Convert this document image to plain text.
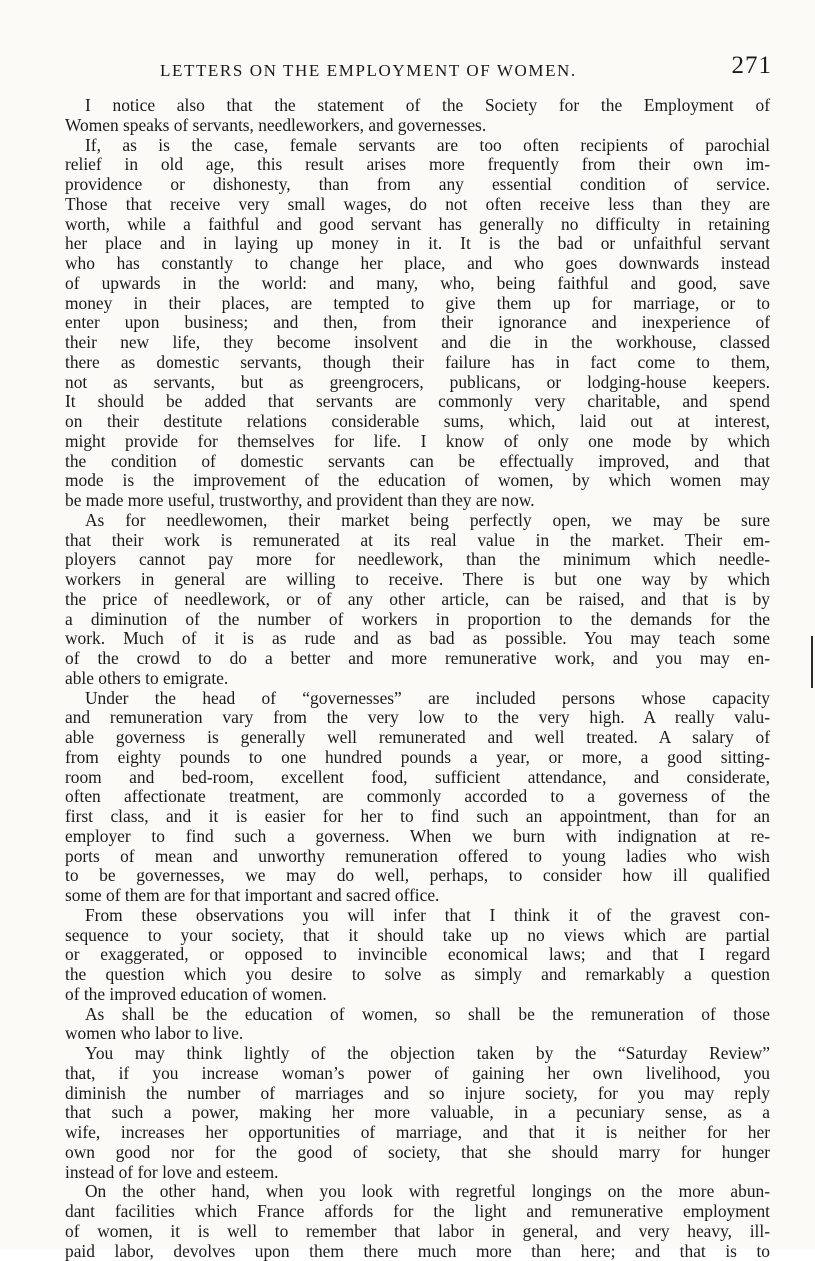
LETTERS ON THE EMPLOYMENT OF WOMEN.	271
I notice also that the statement of the Society for the Employment of
Women speaks of servants, needleworkers, and governesses.
If, as is the case, female servants are too often recipients of parochial
relief in old age, this result arises more frequently from their own im-
providence or dishonesty, than from any essential condition of service.
Those that receive very small wages, do not often receive less than they are
worth, while a faithful and good servant has generally no difficulty in retaining
her place and in laying up money in it. It is the bad or unfaithful servant
who has constantly to change her place, and who goes downwards instead
of upwards in the world: and many, who, being faithful and good, save
money in their places, are tempted to give them up for marriage, or to
enter upon business; and then, from their ignorance and inexperience of
their new life, they become insolvent and die in the workhouse, classed
there as domestic servants, though their failure has in fact come to them,
not as servants, but as greengrocers, publicans, or lodging-house keepers.
It should be added that servants are commonly very charitable, and spend
on their destitute relations considerable sums, which, laid out at interest,
might provide for themselves for life. I know of only one mode by which
the condition of domestic servants can be effectually improved, and that
mode is the improvement of the education of women, by which women may
be made more useful, trustworthy, and provident than they are now.
As for needlewomen, their market being perfectly open, we may be sure
that their work is remunerated at its real value in the market. Their em-
ployers cannot pay more for needlework, than the minimum which needle-
workers in general are willing to receive. There is but one way by which
the price of needlework, or of any other article, can be raised, and that is by
a diminution of the number of workers in proportion to the demands for the
work. Much of it is as rude and as bad as possible. You may teach some
of the crowd to do a better and more remunerative work, and you may en-
able others to emigrate.
Under the head of “governesses” are included persons whose capacity
and remuneration vary from the very low to the very high. A really valu-
able governess is generally well remunerated and well treated. A salary of
from eighty pounds to one hundred pounds a year, or more, a good sitting-
room and bed-room, excellent food, sufficient attendance, and considerate,
often affectionate treatment, are commonly accorded to a governess of the
first class, and it is easier for her to find such an appointment, than for an
employer to find such a governess. When we burn with indignation at re-
ports of mean and unworthy remuneration offered to young ladies who wish
to be governesses, we may do well, perhaps, to consider how ill qualified
some of them are for that important and sacred office.
From these observations you will infer that I think it of the gravest con-
sequence to your society, that it should take up no views which are partial
or exaggerated, or opposed to invincible economical laws; and that I regard
the question which you desire to solve as simply and remarkably a question
of the improved education of women.
As shall be the education of women, so shall be the remuneration of those
women who labor to live.
You may think lightly of the objection taken by the “Saturday Review”
that, if you increase woman’s power of gaining her own livelihood, you
diminish the number of marriages and so injure society, for you may reply
that such a power, making her more valuable, in a pecuniary sense, as a
wife, increases her opportunities of marriage, and that it is neither for her
own good nor for the good of society, that she should marry for hunger
instead of for love and esteem.
On the other hand, when you look with regretful longings on the more abun-
dant facilities which France affords for the light and remunerative employment
of women, it is well to remember that labor in general, and very heavy, ill-
paid labor, devolves upon them there much more than here; and that is to
